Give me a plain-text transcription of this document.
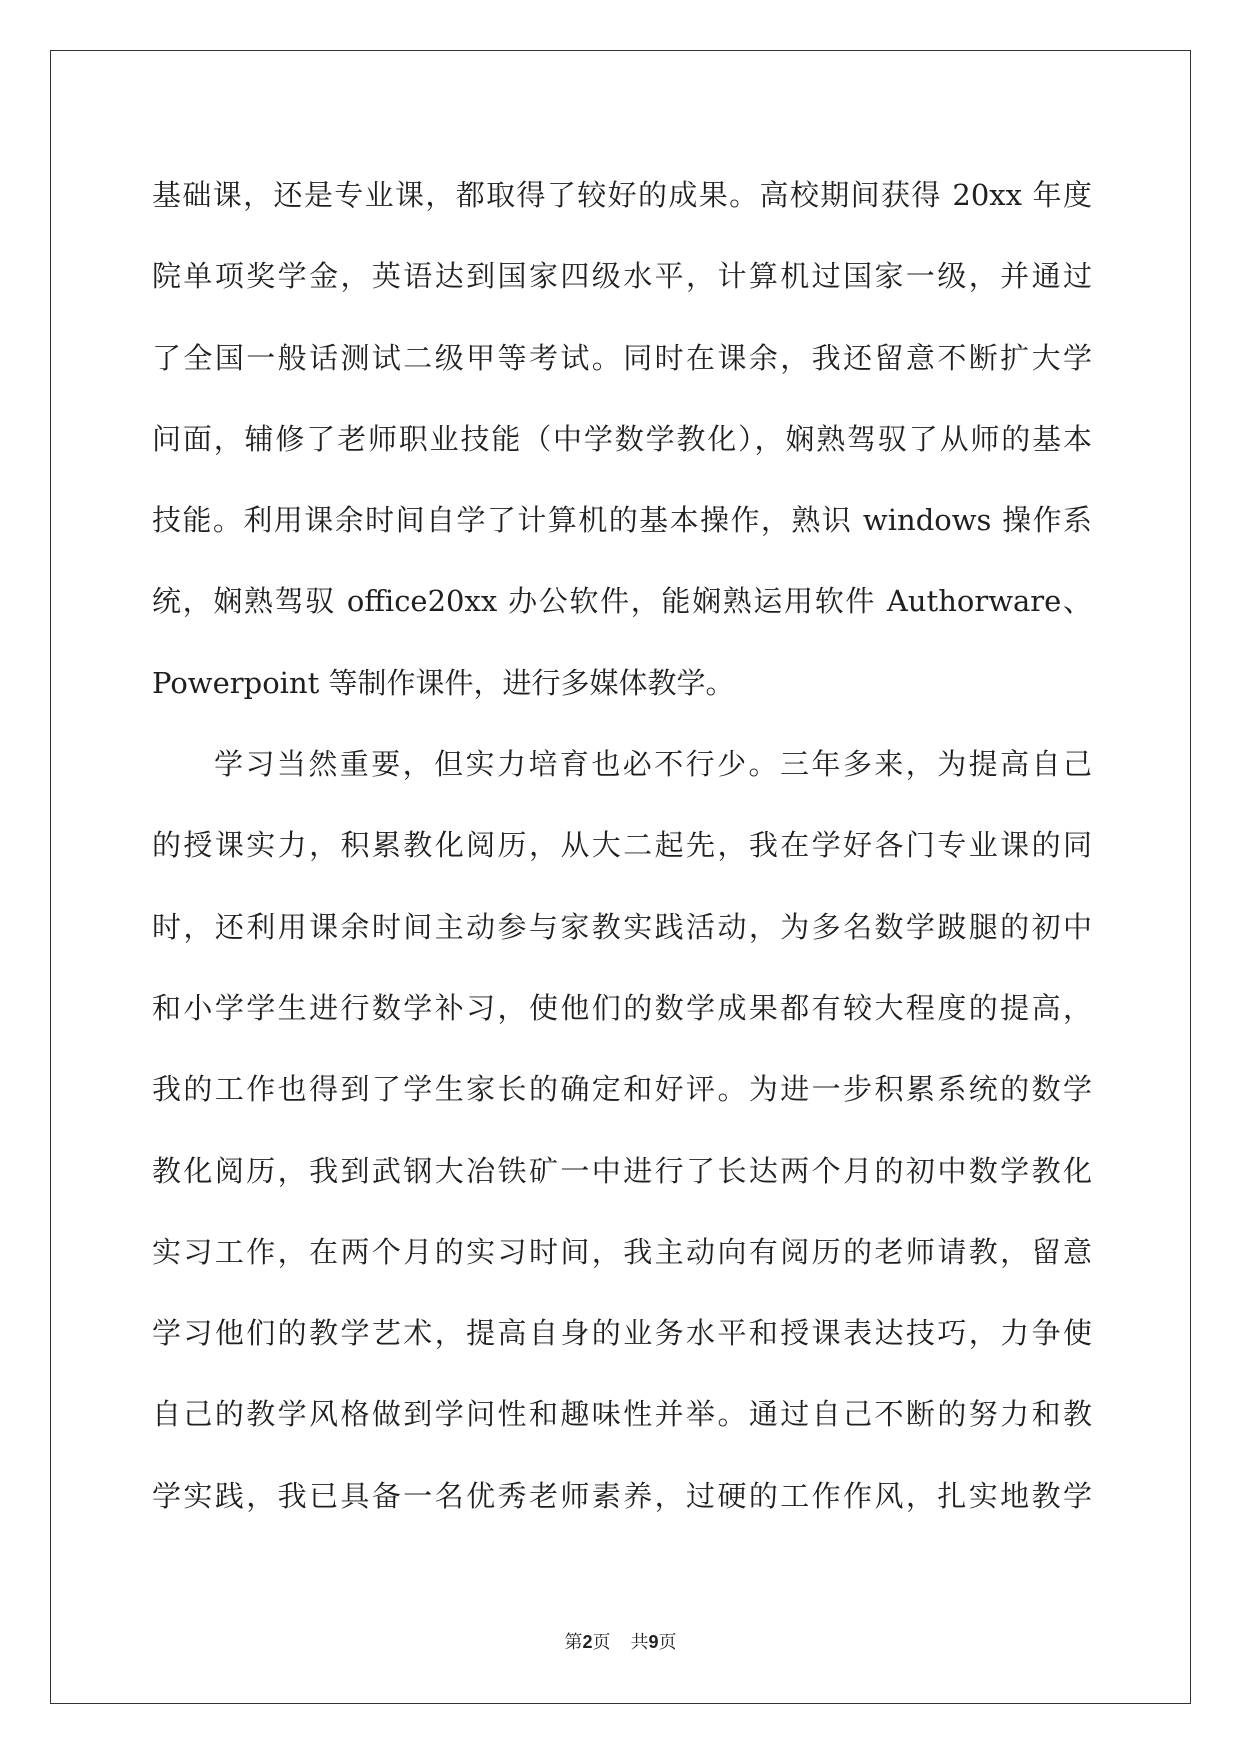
基础课，还是专业课，都取得了较好的成果。高校期间获得 20xx 年度
院单项奖学金，英语达到国家四级水平，计算机过国家一级，并通过
了全国一般话测试二级甲等考试。同时在课余，我还留意不断扩大学
问面，辅修了老师职业技能（中学数学教化），娴熟驾驭了从师的基本
技能。利用课余时间自学了计算机的基本操作，熟识 windows 操作系
统，娴熟驾驭 office20xx 办公软件，能娴熟运用软件 Authorware、
Powerpoint 等制作课件，进行多媒体教学。
学习当然重要，但实力培育也必不行少。三年多来，为提高自己
的授课实力，积累教化阅历，从大二起先，我在学好各门专业课的同
时，还利用课余时间主动参与家教实践活动，为多名数学跛腿的初中
和小学学生进行数学补习，使他们的数学成果都有较大程度的提高，
我的工作也得到了学生家长的确定和好评。为进一步积累系统的数学
教化阅历，我到武钢大冶铁矿一中进行了长达两个月的初中数学教化
实习工作，在两个月的实习时间，我主动向有阅历的老师请教，留意
学习他们的教学艺术，提高自身的业务水平和授课表达技巧，力争使
自己的教学风格做到学问性和趣味性并举。通过自己不断的努力和教
学实践，我已具备一名优秀老师素养，过硬的工作作风，扎实地教学
第2页 共9页
